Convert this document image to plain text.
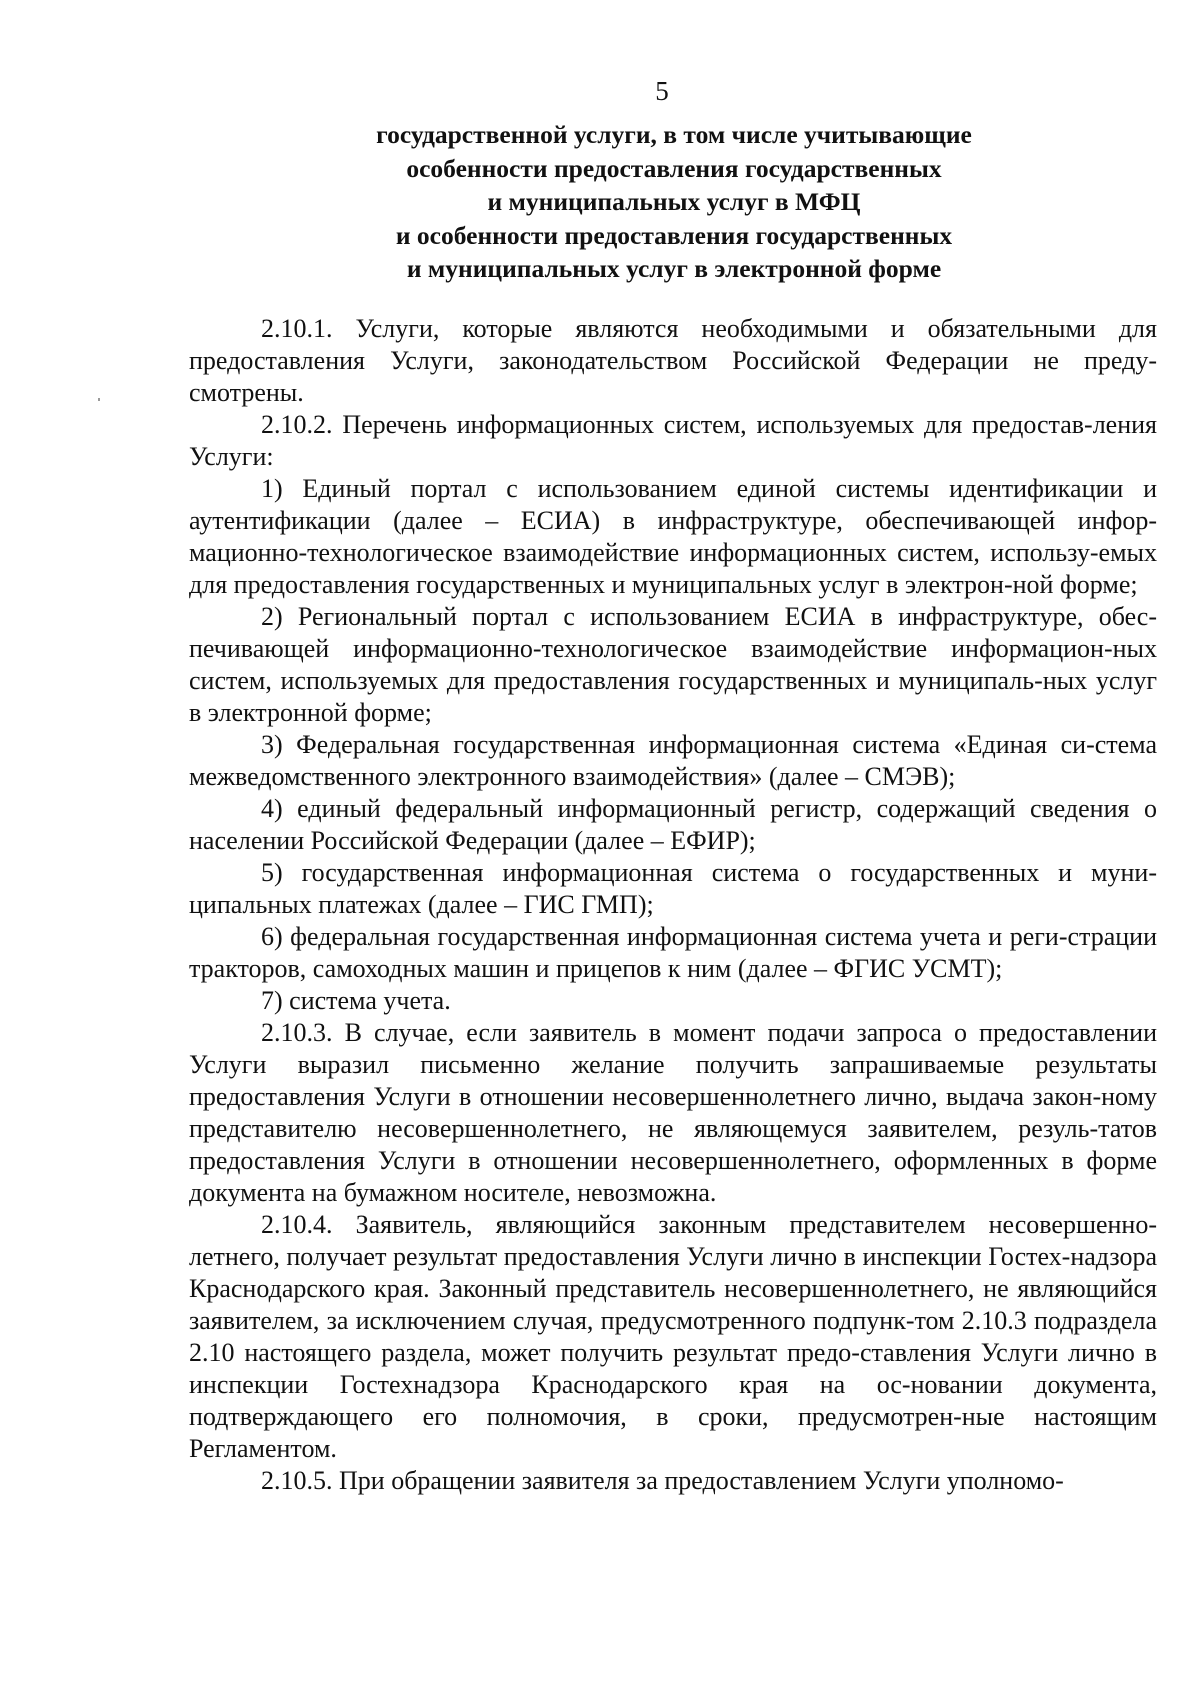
5
государственной услуги, в том числе учитывающие
особенности предоставления государственных
и муниципальных услуг в МФЦ
и особенности предоставления государственных
и муниципальных услуг в электронной форме

2.10.1. Услуги, которые являются необходимыми и обязательными для предоставления Услуги, законодательством Российской Федерации не преду-смотрены.

2.10.2. Перечень информационных систем, используемых для предостав-ления Услуги:

1) Единый портал с использованием единой системы идентификации и аутентификации (далее – ЕСИА) в инфраструктуре, обеспечивающей инфор-мационно-технологическое взаимодействие информационных систем, использу-емых для предоставления государственных и муниципальных услуг в электрон-ной форме;

2) Региональный портал с использованием ЕСИА в инфраструктуре, обес-печивающей информационно-технологическое взаимодействие информацион-ных систем, используемых для предоставления государственных и муниципаль-ных услуг в электронной форме;

3) Федеральная государственная информационная система «Единая си-стема межведомственного электронного взаимодействия» (далее – СМЭВ);

4) единый федеральный информационный регистр, содержащий сведения о населении Российской Федерации (далее – ЕФИР);

5) государственная информационная система о государственных и муни-ципальных платежах (далее – ГИС ГМП);

6) федеральная государственная информационная система учета и реги-страции тракторов, самоходных машин и прицепов к ним (далее – ФГИС УСМТ);

7) система учета.

2.10.3. В случае, если заявитель в момент подачи запроса о предоставлении Услуги выразил письменно желание получить запрашиваемые результаты предоставления Услуги в отношении несовершеннолетнего лично, выдача закон-ному представителю несовершеннолетнего, не являющемуся заявителем, резуль-татов предоставления Услуги в отношении несовершеннолетнего, оформленных в форме документа на бумажном носителе, невозможна.

2.10.4. Заявитель, являющийся законным представителем несовершенно-летнего, получает результат предоставления Услуги лично в инспекции Гостех-надзора Краснодарского края. Законный представитель несовершеннолетнего, не являющийся заявителем, за исключением случая, предусмотренного подпунк-том 2.10.3 подраздела 2.10 настоящего раздела, может получить результат предо-ставления Услуги лично в инспекции Гостехнадзора Краснодарского края на ос-новании документа, подтверждающего его полномочия, в сроки, предусмотрен-ные настоящим Регламентом.

2.10.5. При обращении заявителя за предоставлением Услуги уполномо-
